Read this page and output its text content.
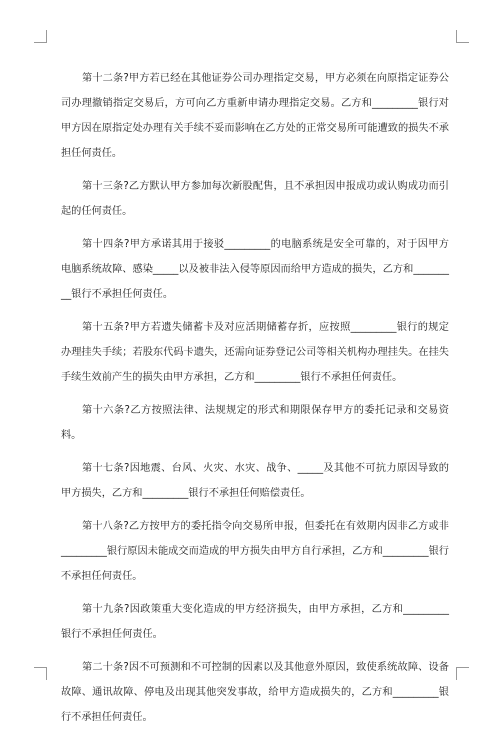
第十二条?甲方若已经在其他证券公司办理指定交易，甲方必须在向原指定证券公司办理撤销指定交易后，方可向乙方重新申请办理指定交易。乙方和_________银行对甲方因在原指定处办理有关手续不妥而影响在乙方处的正常交易所可能遭致的损失不承担任何责任。

第十三条?乙方默认甲方参加每次新股配售，且不承担因申报成功或认购成功而引起的任何责任。

第十四条?甲方承诺其用于接驳_________的电脑系统是安全可靠的，对于因甲方电脑系统故障、感染_____以及被非法入侵等原因而给甲方造成的损失，乙方和_________银行不承担任何责任。

第十五条?甲方若遗失储蓄卡及对应活期储蓄存折，应按照_________银行的规定办理挂失手续；若股东代码卡遗失，还需向证券登记公司等相关机构办理挂失。在挂失手续生效前产生的损失由甲方承担，乙方和_________银行不承担任何责任。

第十六条?乙方按照法律、法规规定的形式和期限保存甲方的委托记录和交易资料。

第十七条?因地震、台风、火灾、水灾、战争、_____及其他不可抗力原因导致的甲方损失，乙方和_________银行不承担任何赔偿责任。

第十八条?乙方按甲方的委托指令向交易所申报，但委托在有效期内因非乙方或非_________银行原因未能成交而造成的甲方损失由甲方自行承担，乙方和_________银行不承担任何责任。

第十九条?因政策重大变化造成的甲方经济损失，由甲方承担，乙方和_________银行不承担任何责任。

第二十条?因不可预测和不可控制的因素以及其他意外原因，致使系统故障、设备故障、通讯故障、停电及出现其他突发事故，给甲方造成损失的，乙方和_________银行不承担任何责任。
